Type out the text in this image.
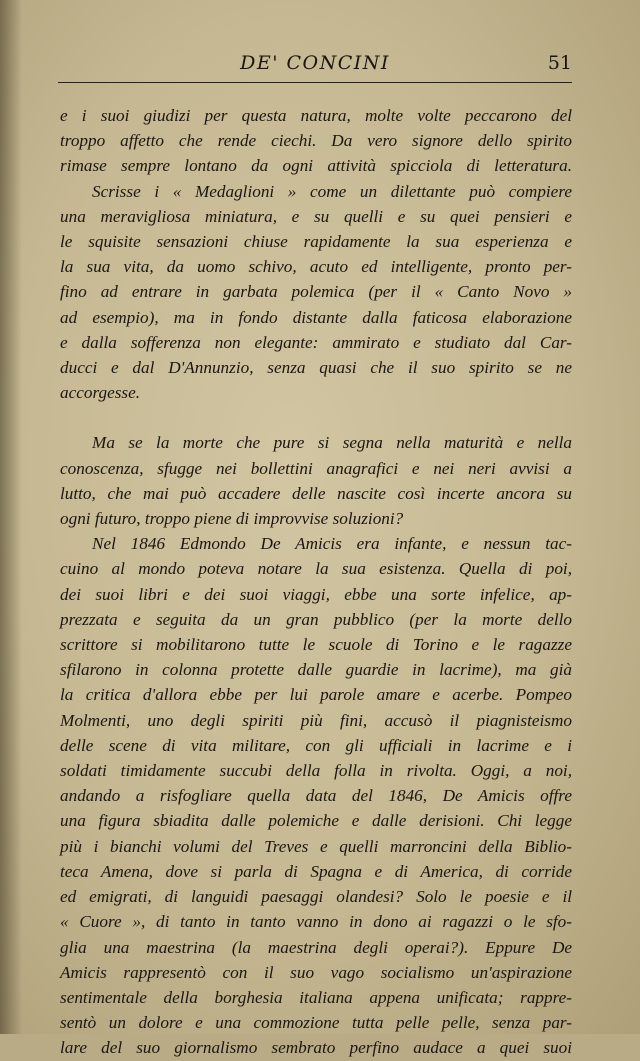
DE' CONCINI	51

e i suoi giudizi per questa natura, molte volte peccarono del
troppo affetto che rende ciechi. Da vero signore dello spirito
rimase sempre lontano da ogni attività spicciola di letteratura.

Scrisse i « Medaglioni » come un dilettante può compiere
una meravigliosa miniatura, e su quelli e su quei pensieri e
le squisite sensazioni chiuse rapidamente la sua esperienza e
la sua vita, da uomo schivo, acuto ed intelligente, pronto per-
fino ad entrare in garbata polemica (per il « Canto Novo »
ad esempio), ma in fondo distante dalla faticosa elaborazione
e dalla sofferenza non elegante: ammirato e studiato dal Car-
ducci e dal D'Annunzio, senza quasi che il suo spirito se ne
accorgesse.

Ma se la morte che pure si segna nella maturità e nella
conoscenza, sfugge nei bollettini anagrafici e nei neri avvisi a
lutto, che mai può accadere delle nascite così incerte ancora su
ogni futuro, troppo piene di improvvise soluzioni?

Nel 1846 Edmondo De Amicis era infante, e nessun tac-
cuino al mondo poteva notare la sua esistenza. Quella di poi,
dei suoi libri e dei suoi viaggi, ebbe una sorte infelice, ap-
prezzata e seguita da un gran pubblico (per la morte dello
scrittore si mobilitarono tutte le scuole di Torino e le ragazze
sfilarono in colonna protette dalle guardie in lacrime), ma già
la critica d'allora ebbe per lui parole amare e acerbe. Pompeo
Molmenti, uno degli spiriti più fini, accusò il piagnisteismo
delle scene di vita militare, con gli ufficiali in lacrime e i
soldati timidamente succubi della folla in rivolta. Oggi, a noi,
andando a risfogliare quella data del 1846, De Amicis offre
una figura sbiadita dalle polemiche e dalle derisioni. Chi legge
più i bianchi volumi del Treves e quelli marroncini della Biblio-
teca Amena, dove si parla di Spagna e di America, di corride
ed emigrati, di languidi paesaggi olandesi? Solo le poesie e il
« Cuore », di tanto in tanto vanno in dono ai ragazzi o le sfo-
glia una maestrina (la maestrina degli operai?). Eppure De
Amicis rappresentò con il suo vago socialismo un'aspirazione
sentimentale della borghesia italiana appena unificata; rappre-
sentò un dolore e una commozione tutta pelle pelle, senza par-
lare del suo giornalismo sembrato perfino audace a quei suoi
